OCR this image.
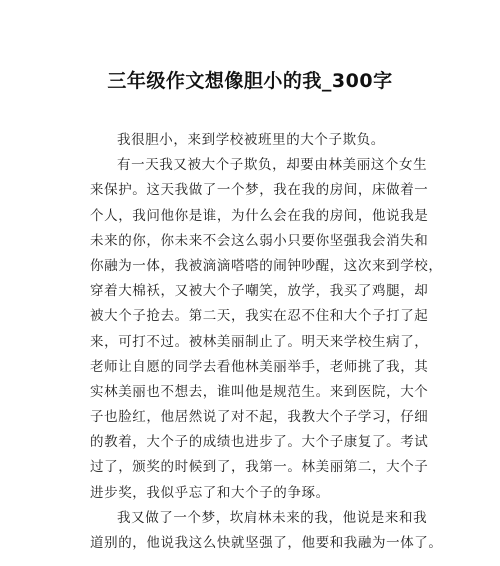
三年级作文想像胆小的我_300字
我很胆小，来到学校被班里的大个子欺负。
有一天我又被大个子欺负，却要由林美丽这个女生
来保护。这天我做了一个梦，我在我的房间，床做着一
个人，我问他你是谁，为什么会在我的房间，他说我是
未来的你，你未来不会这么弱小只要你坚强我会消失和
你融为一体，我被滴滴嗒嗒的闹钟吵醒，这次来到学校，
穿着大棉袄，又被大个子嘲笑，放学，我买了鸡腿，却
被大个子抢去。第二天，我实在忍不住和大个子打了起
来，可打不过。被林美丽制止了。明天来学校生病了，
老师让自愿的同学去看他林美丽举手，老师挑了我，其
实林美丽也不想去，谁叫他是规范生。来到医院，大个
子也脸红，他居然说了对不起，我教大个子学习，仔细
的教着，大个子的成绩也进步了。大个子康复了。考试
过了，颁奖的时候到了，我第一。林美丽第二，大个子
进步奖，我似乎忘了和大个子的争琢。
我又做了一个梦，坎肩林未来的我，他说是来和我
道别的，他说我这么快就坚强了，他要和我融为一体了。
